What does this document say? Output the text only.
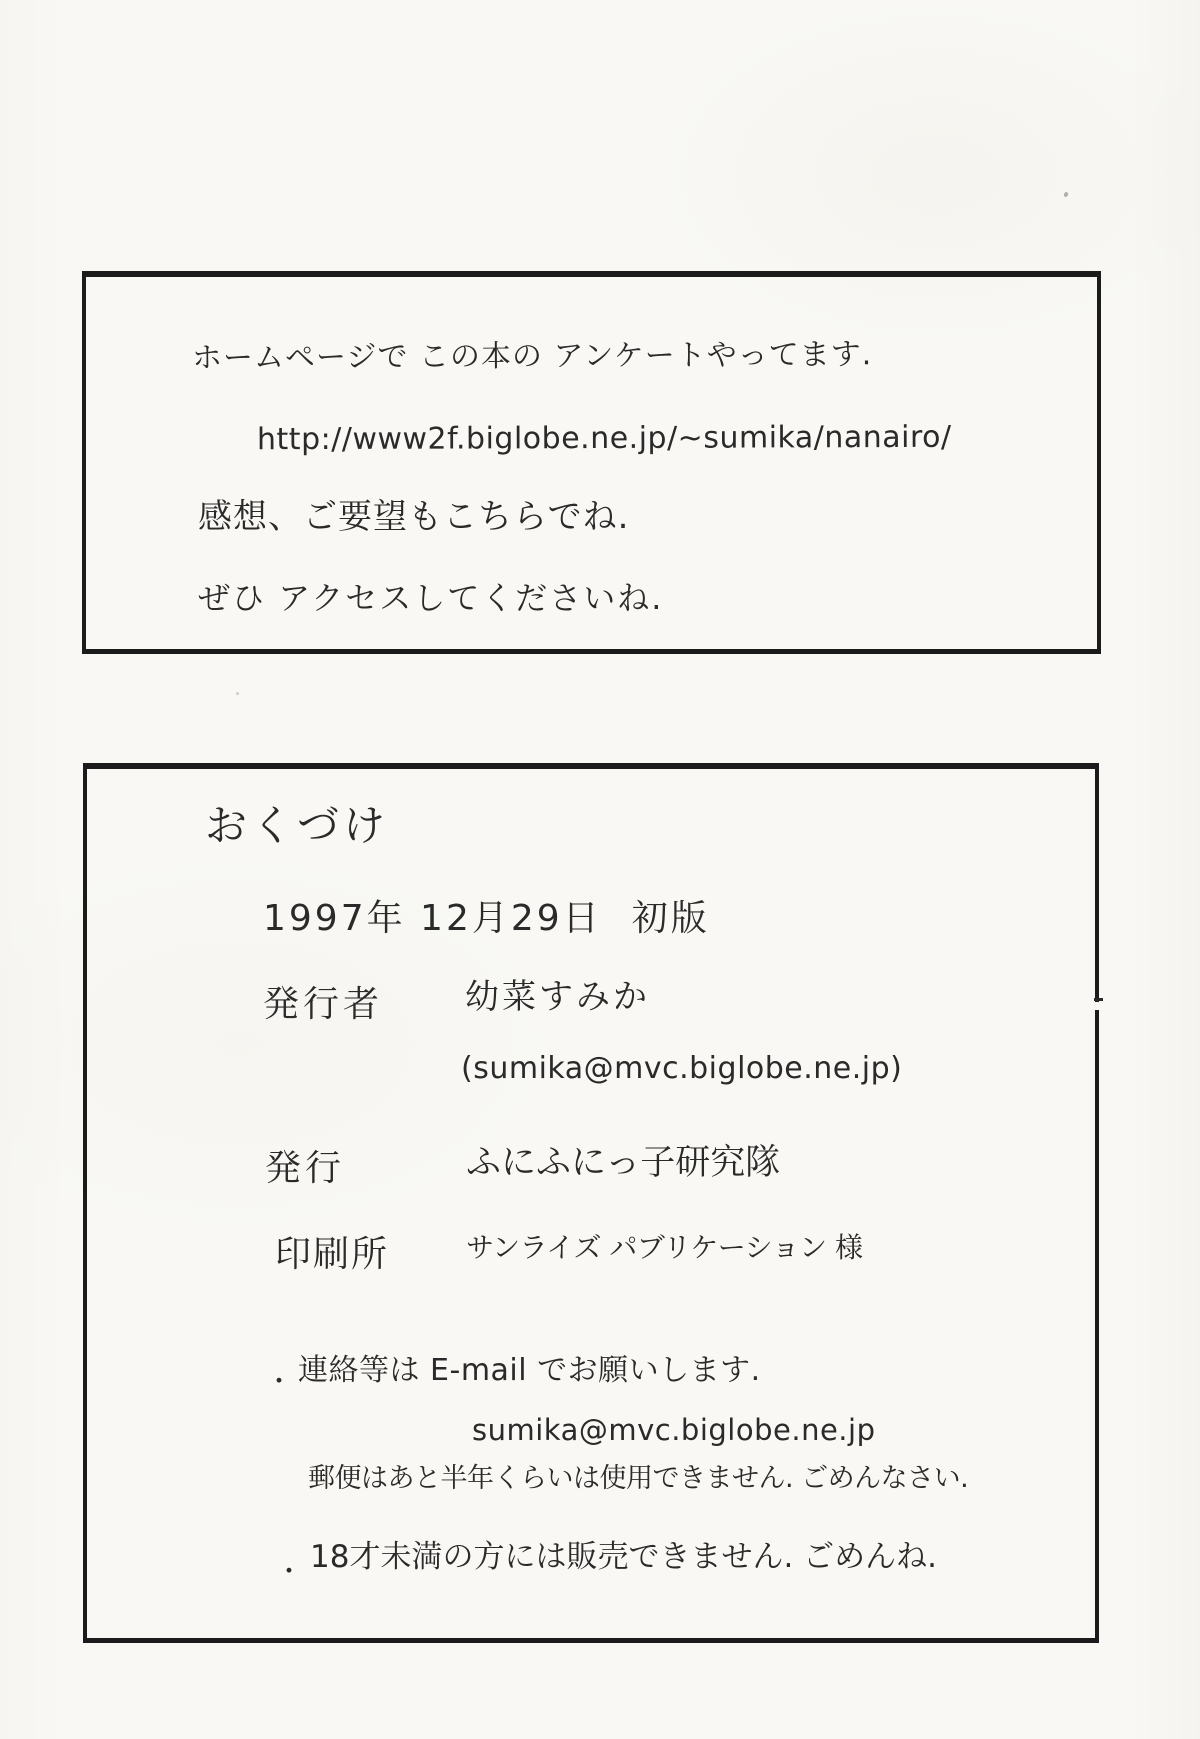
ホームページで この本の アンケートやってます.
http://www2f.biglobe.ne.jp/~sumika/nanairo/
感想、ご要望もこちらでね.
ぜひ アクセスしてくださいね.
おくづけ
1997年 12月29日 初版
発行者 幼菜すみか
(sumika@mvc.biglobe.ne.jp)
発行	ふにふにっ子研究隊
印刷所	サンライズ パブリケーション 様
・ 連絡等は E-mail でお願いします.
sumika@mvc.biglobe.ne.jp
郵便はあと半年くらいは使用できません. ごめんなさい.
・ 18才未満の方には販売できません. ごめんね.
